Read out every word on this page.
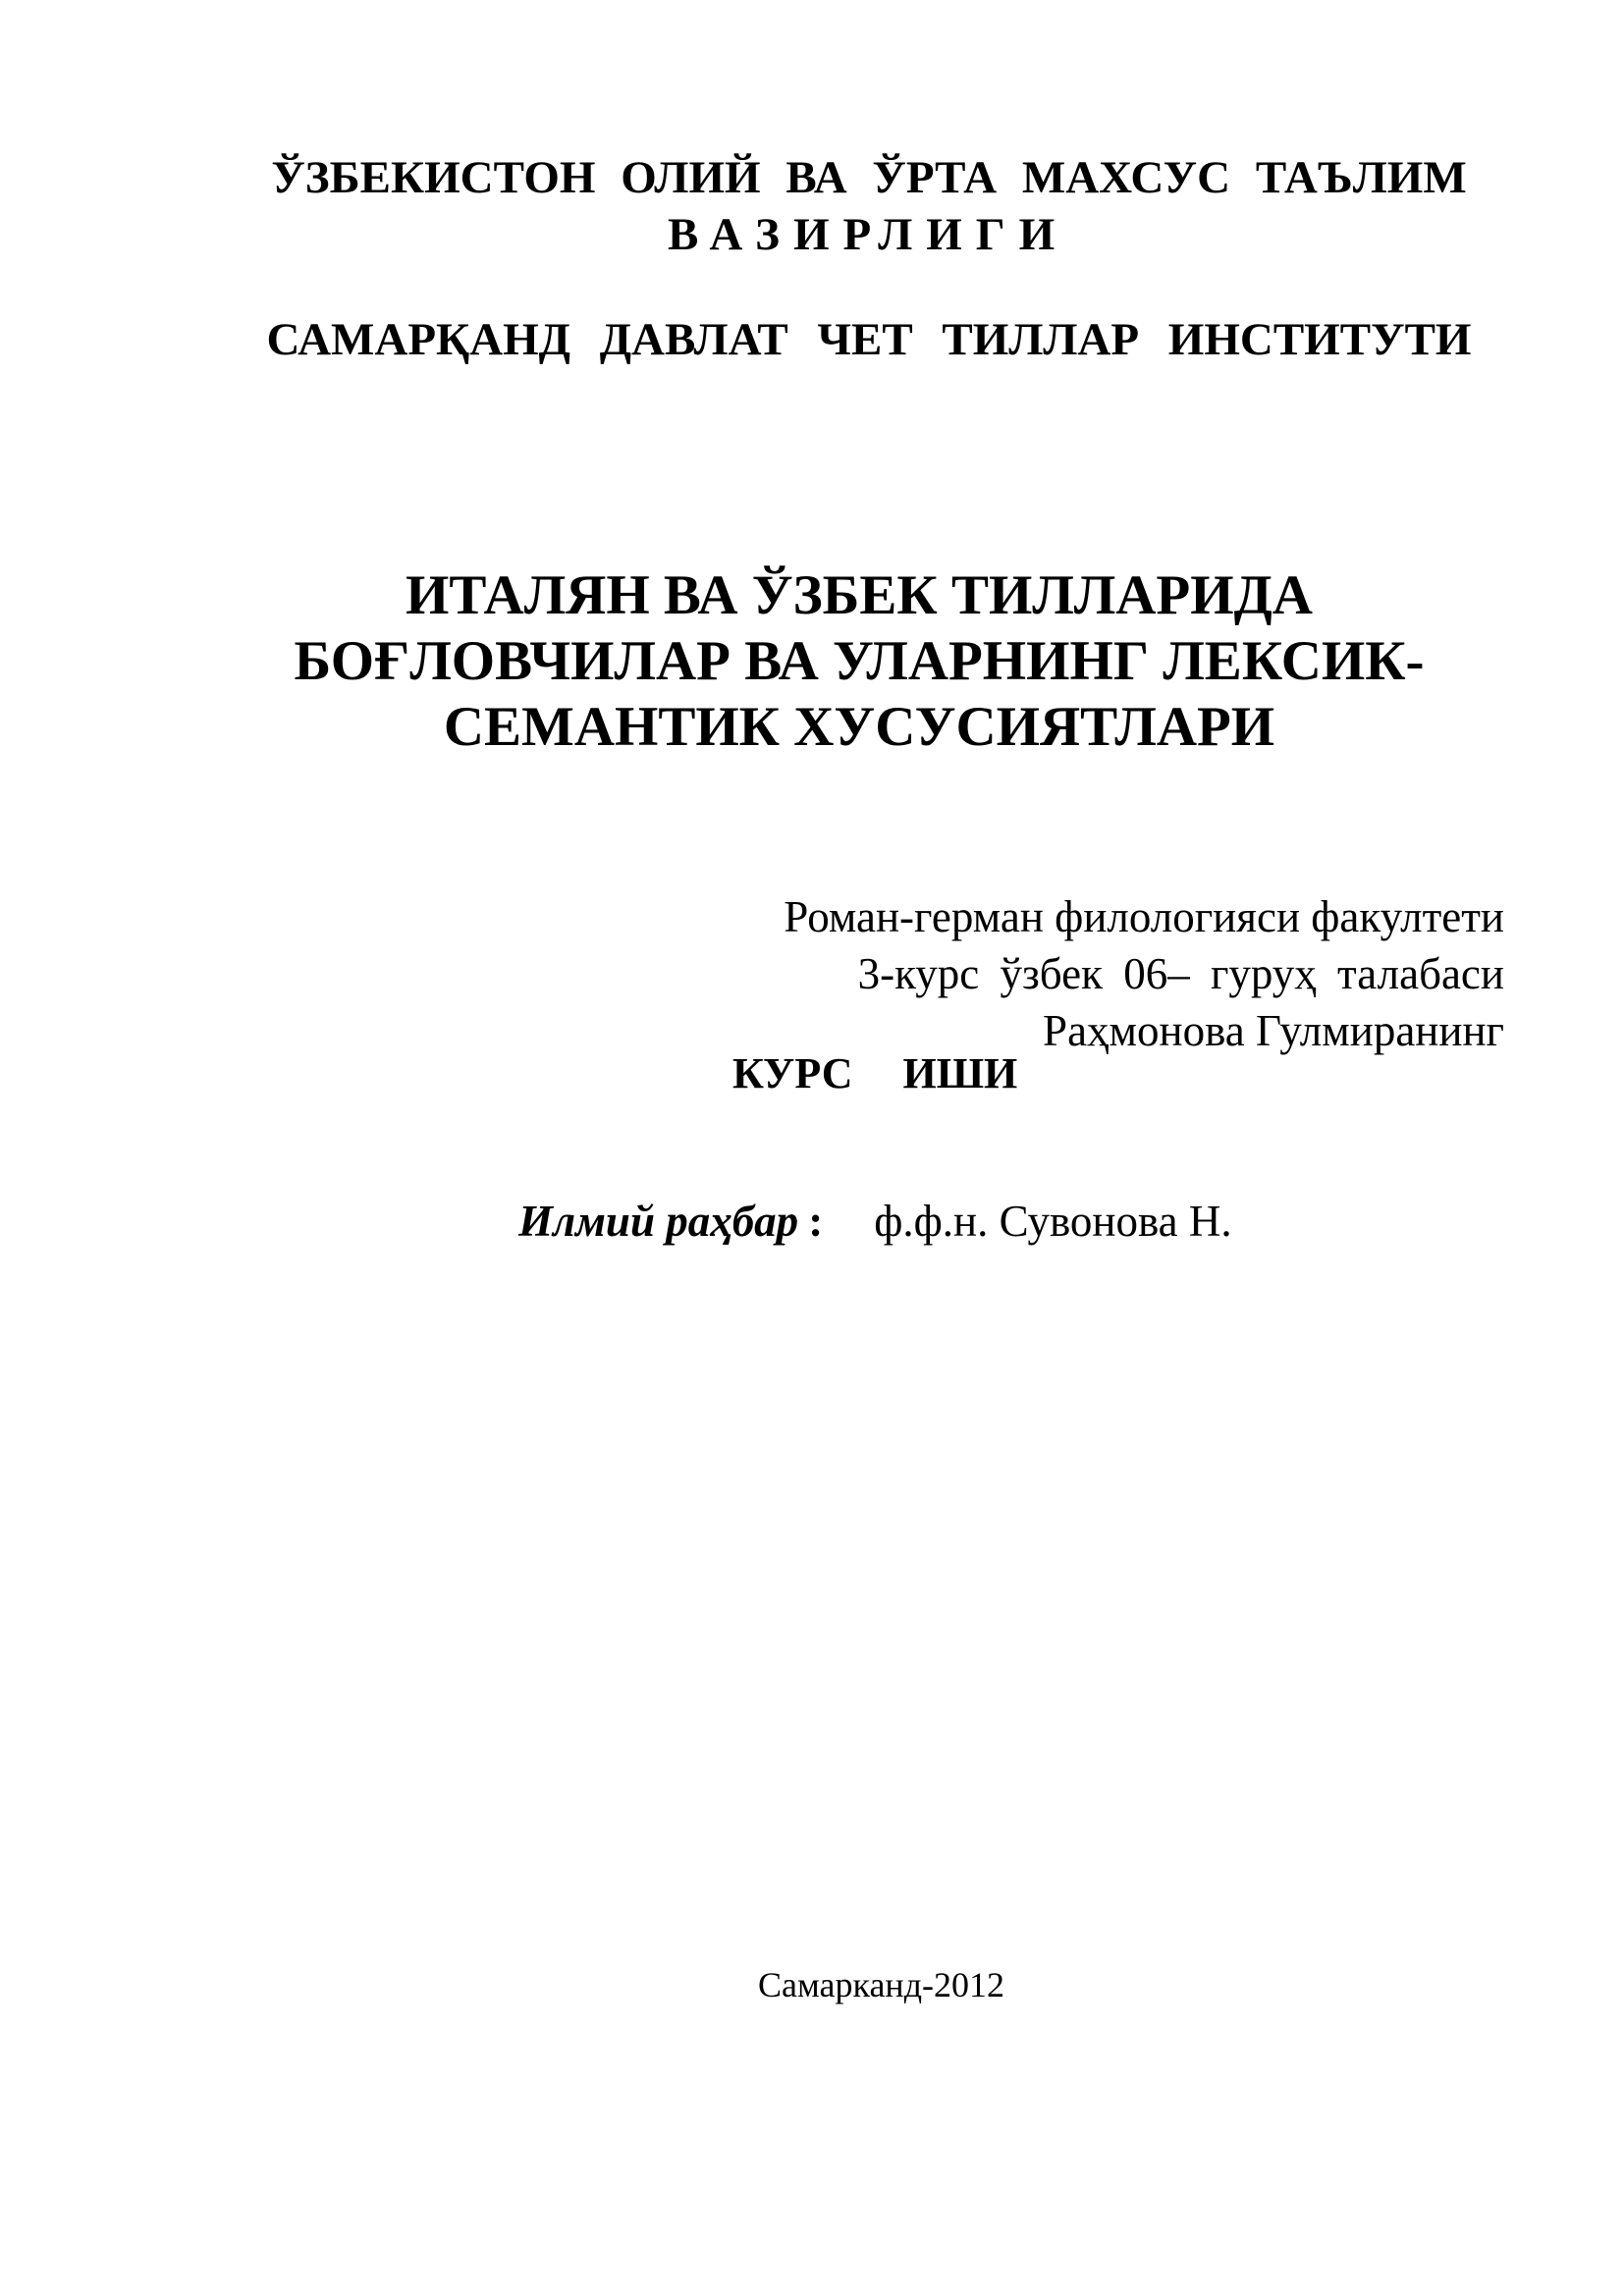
ЎЗБЕКИСТОН ОЛИЙ ВА ЎРТА МАХСУС ТАЪЛИМ
ВАЗИРЛИГИ
САМАРҚАНД ДАВЛАТ ЧЕТ ТИЛЛАР ИНСТИТУТИ
ИТАЛЯН ВА ЎЗБЕК ТИЛЛАРИДА
БОҒЛОВЧИЛАР ВА УЛАРНИНГ ЛЕКСИК-
СЕМАНТИК ХУСУСИЯТЛАРИ
Роман-герман филологияси факултети
3-курс ўзбек 06– гуруҳ талабаси
Раҳмонова Гулмиранинг
КУРС ИШИ
Илмий раҳбар : ф.ф.н. Сувонова Н.
Самарканд-2012
